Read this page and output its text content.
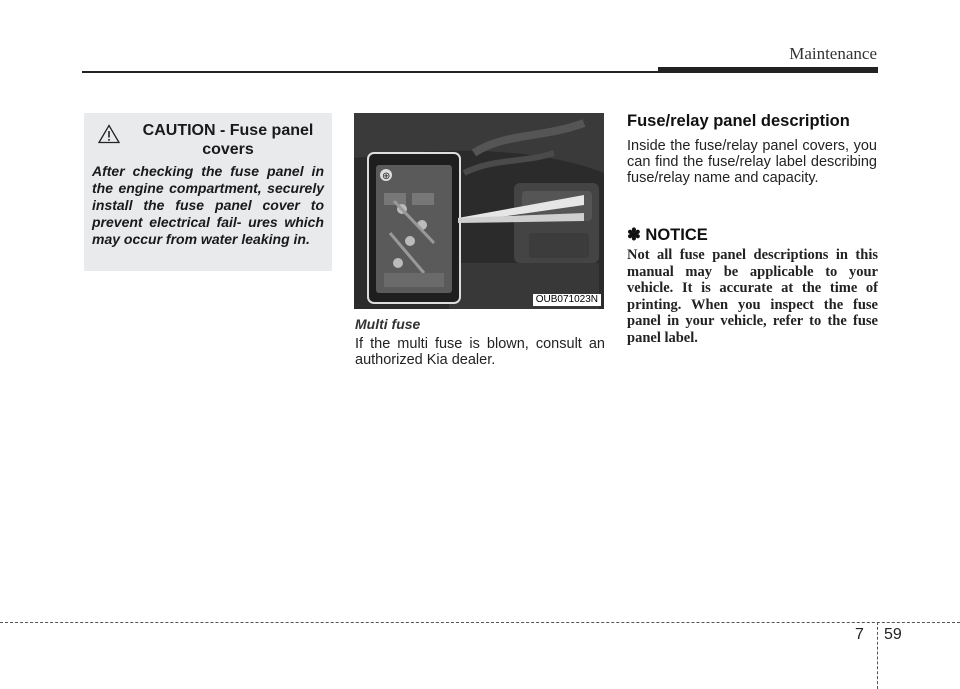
Maintenance
CAUTION - Fuse panel
covers
After checking the fuse panel in the engine compartment, securely install the fuse panel cover to prevent electrical fail- ures which may occur from water leaking in.
⊕
OUB071023N
Multi fuse
If the multi fuse is blown, consult an authorized Kia dealer.
Fuse/relay panel description
Inside the fuse/relay panel covers, you can find the fuse/relay label describing fuse/relay name and capacity.
✽ NOTICE
Not all fuse panel descriptions in this manual may be applicable to your vehicle. It is accurate at the time of printing. When you inspect the fuse panel in your vehicle, refer to the fuse panel label.
7 59
